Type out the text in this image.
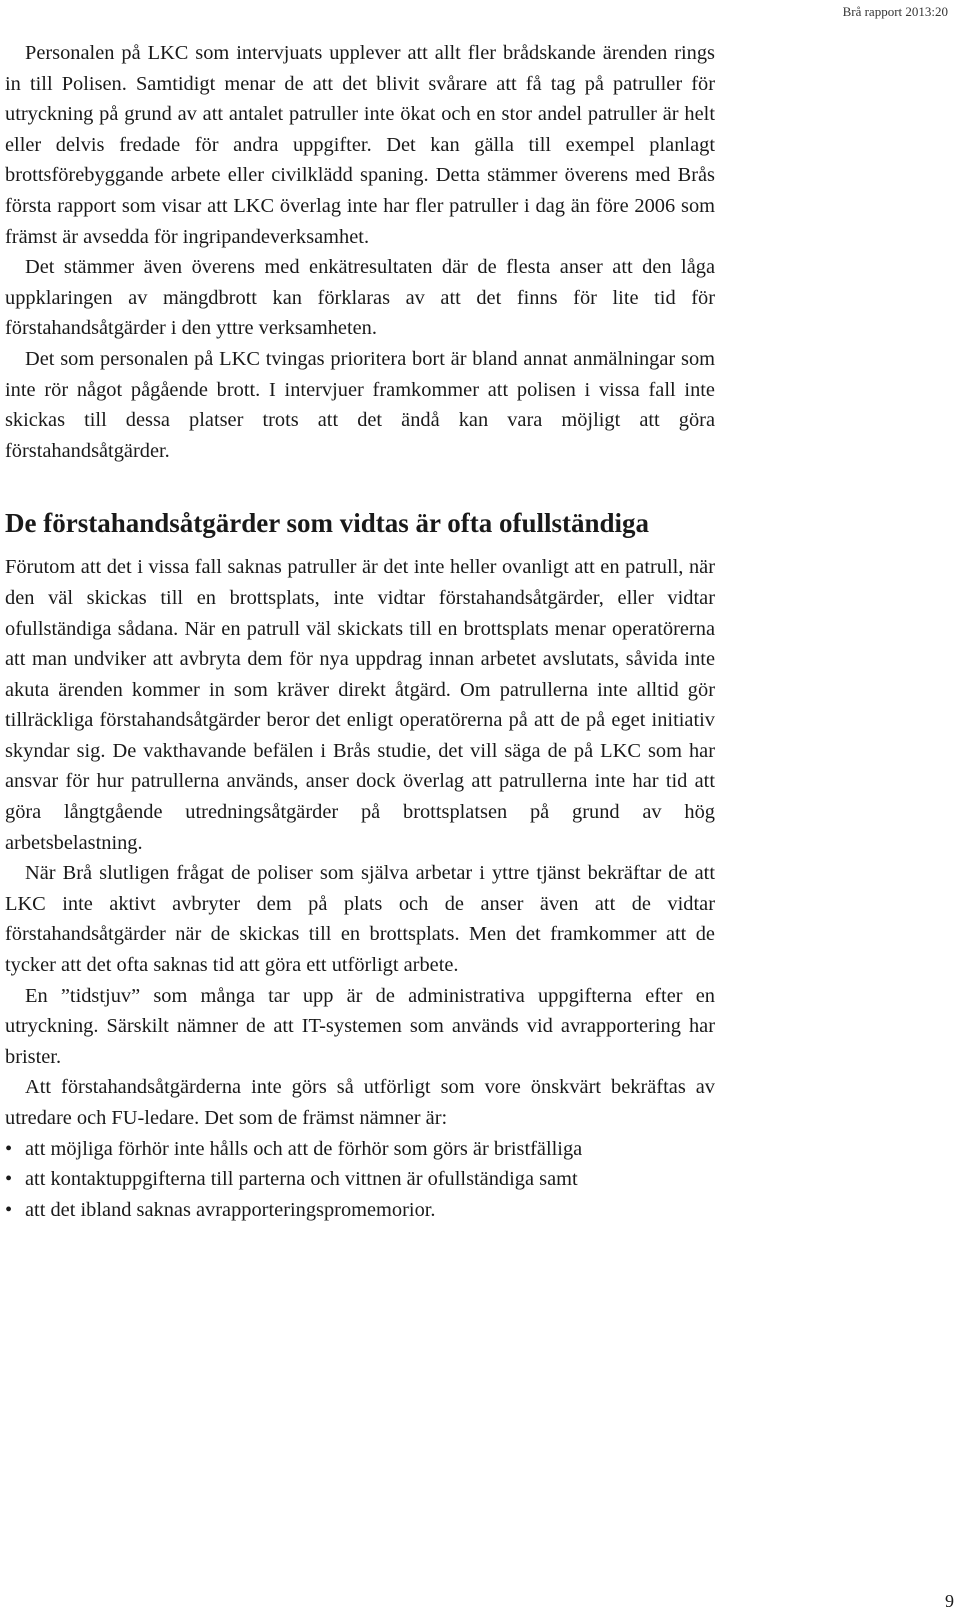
Brå rapport 2013:20

Personalen på LKC som intervjuats upplever att allt fler brådskande ärenden rings in till Polisen. Samtidigt menar de att det blivit svårare att få tag på patruller för utryckning på grund av att antalet patruller inte ökat och en stor andel patruller är helt eller delvis fredade för andra uppgifter. Det kan gälla till exempel planlagt brottsförebyggande arbete eller civilklädd spaning. Detta stämmer överens med Brås första rapport som visar att LKC överlag inte har fler patruller i dag än före 2006 som främst är avsedda för ingripandeverksamhet.

Det stämmer även överens med enkätresultaten där de flesta anser att den låga uppklaringen av mängdbrott kan förklaras av att det finns för lite tid för förstahandsåtgärder i den yttre verksamheten.

Det som personalen på LKC tvingas prioritera bort är bland annat anmälningar som inte rör något pågående brott. I intervjuer framkommer att polisen i vissa fall inte skickas till dessa platser trots att det ändå kan vara möjligt att göra förstahandsåtgärder.

De förstahandsåtgärder som vidtas är ofta ofullständiga

Förutom att det i vissa fall saknas patruller är det inte heller ovanligt att en patrull, när den väl skickas till en brottsplats, inte vidtar förstahandsåtgärder, eller vidtar ofullständiga sådana. När en patrull väl skickats till en brottsplats menar operatörerna att man undviker att avbryta dem för nya uppdrag innan arbetet avslutats, såvida inte akuta ärenden kommer in som kräver direkt åtgärd. Om patrullerna inte alltid gör tillräckliga förstahandsåtgärder beror det enligt operatörerna på att de på eget initiativ skyndar sig. De vakthavande befälen i Brås studie, det vill säga de på LKC som har ansvar för hur patrullerna används, anser dock överlag att patrullerna inte har tid att göra långtgående utredningsåtgärder på brottsplatsen på grund av hög arbetsbelastning.

När Brå slutligen frågat de poliser som själva arbetar i yttre tjänst bekräftar de att LKC inte aktivt avbryter dem på plats och de anser även att de vidtar förstahandsåtgärder när de skickas till en brottsplats. Men det framkommer att de tycker att det ofta saknas tid att göra ett utförligt arbete.

En ”tidstjuv” som många tar upp är de administrativa uppgifterna efter en utryckning. Särskilt nämner de att IT-systemen som används vid avrapportering har brister.

Att förstahandsåtgärderna inte görs så utförligt som vore önskvärt bekräftas av utredare och FU-ledare. Det som de främst nämner är:

• att möjliga förhör inte hålls och att de förhör som görs är bristfälliga
• att kontaktuppgifterna till parterna och vittnen är ofullständiga samt
• att det ibland saknas avrapporteringspromemorior.
9
